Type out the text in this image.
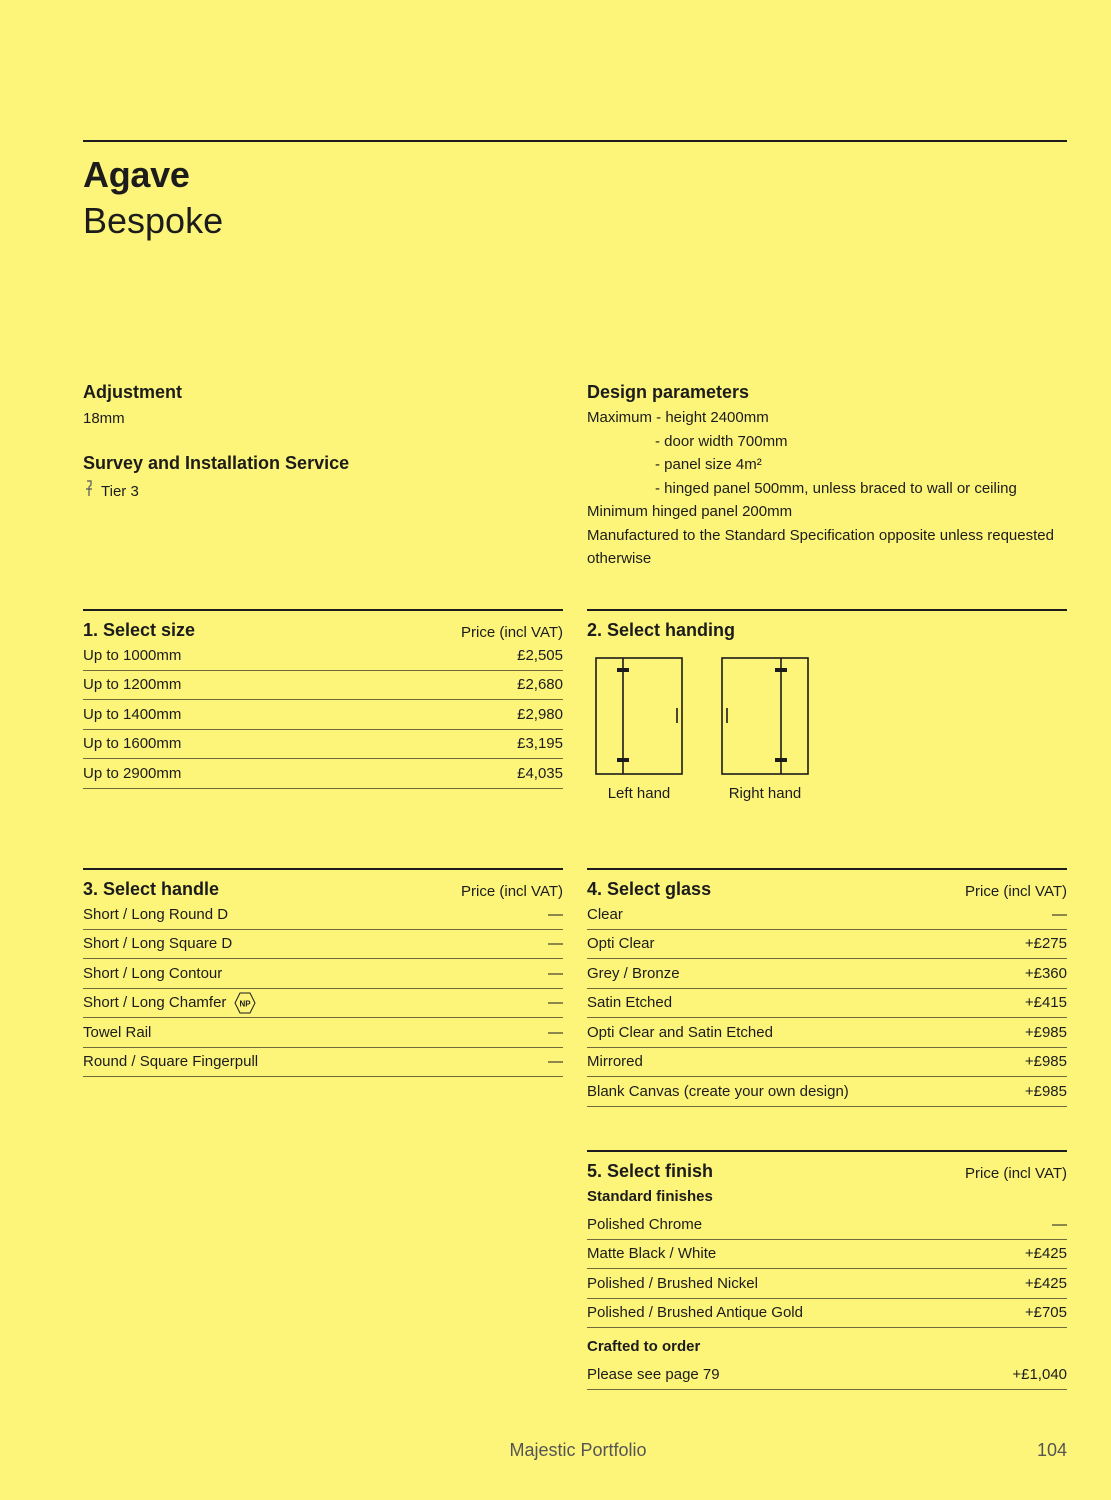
Agave
Bespoke
Adjustment
18mm
Survey and Installation Service
Tier 3
Design parameters
Maximum - height 2400mm
- door width 700mm
- panel size 4m²
- hinged panel 500mm, unless braced to wall or ceiling
Minimum hinged panel 200mm
Manufactured to the Standard Specification opposite unless requested
otherwise
1. Select size	Price (incl VAT)
Up to 1000mm	£2,505
Up to 1200mm	£2,680
Up to 1400mm	£2,980
Up to 1600mm	£3,195
Up to 2900mm	£4,035
2. Select handing
Left hand	Right hand
3. Select handle	Price (incl VAT)
Short / Long Round D	—
Short / Long Square D	—
Short / Long Contour	—
Short / Long Chamfer NP	—
Towel Rail	—
Round / Square Fingerpull	—
4. Select glass	Price (incl VAT)
Clear	—
Opti Clear	+£275
Grey / Bronze	+£360
Satin Etched	+£415
Opti Clear and Satin Etched	+£985
Mirrored	+£985
Blank Canvas (create your own design)	+£985
5. Select finish	Price (incl VAT)
Standard finishes
Polished Chrome	—
Matte Black / White	+£425
Polished / Brushed Nickel	+£425
Polished / Brushed Antique Gold	+£705
Crafted to order
Please see page 79	+£1,040
Majestic Portfolio	104
